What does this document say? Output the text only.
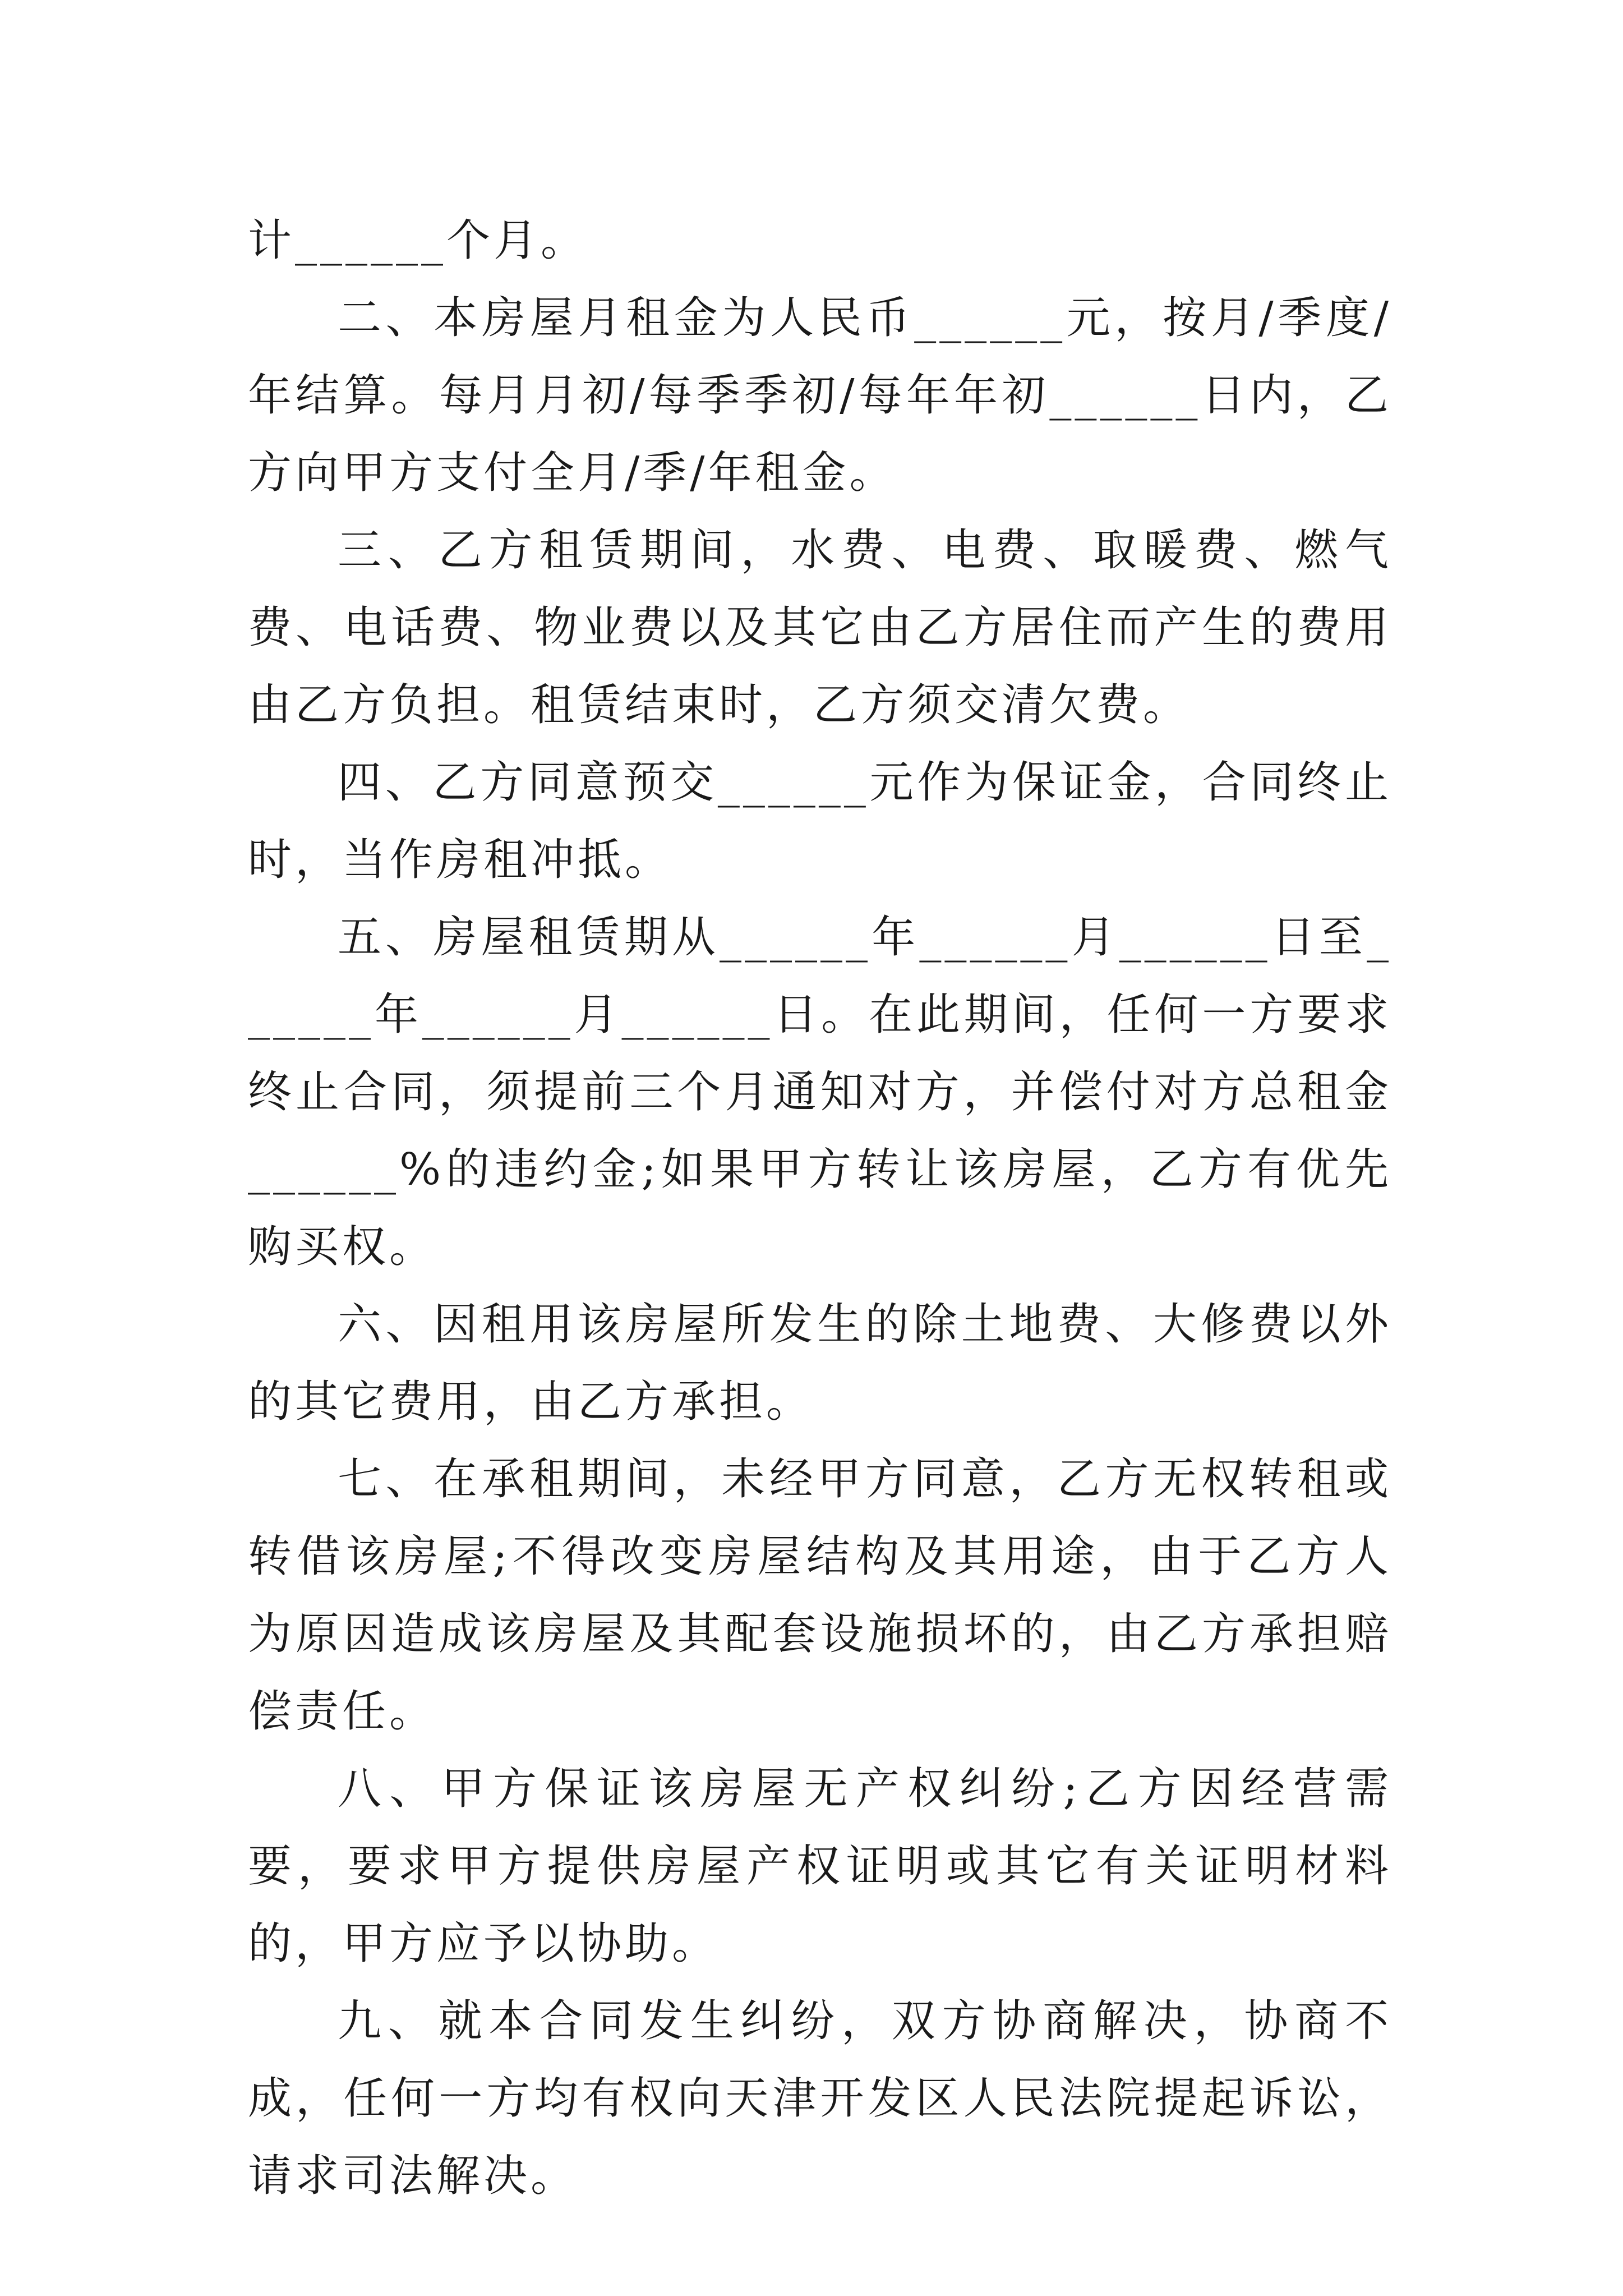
计______个月。

二、本房屋月租金为人民币______元，按月/季度/年结算。每月月初/每季季初/每年年初______日内，乙方向甲方支付全月/季/年租金。

三、乙方租赁期间，水费、电费、取暖费、燃气费、电话费、物业费以及其它由乙方居住而产生的费用由乙方负担。租赁结束时，乙方须交清欠费。

四、乙方同意预交______元作为保证金，合同终止时，当作房租冲抵。

五、房屋租赁期从______年______月______日至______年______月______日。在此期间，任何一方要求终止合同，须提前三个月通知对方，并偿付对方总租金______%的违约金;如果甲方转让该房屋，乙方有优先购买权。

六、因租用该房屋所发生的除土地费、大修费以外的其它费用，由乙方承担。

七、在承租期间，未经甲方同意，乙方无权转租或转借该房屋;不得改变房屋结构及其用途，由于乙方人为原因造成该房屋及其配套设施损坏的，由乙方承担赔偿责任。

八、甲方保证该房屋无产权纠纷;乙方因经营需要，要求甲方提供房屋产权证明或其它有关证明材料的，甲方应予以协助。

九、就本合同发生纠纷，双方协商解决，协商不成，任何一方均有权向天津开发区人民法院提起诉讼，请求司法解决。
